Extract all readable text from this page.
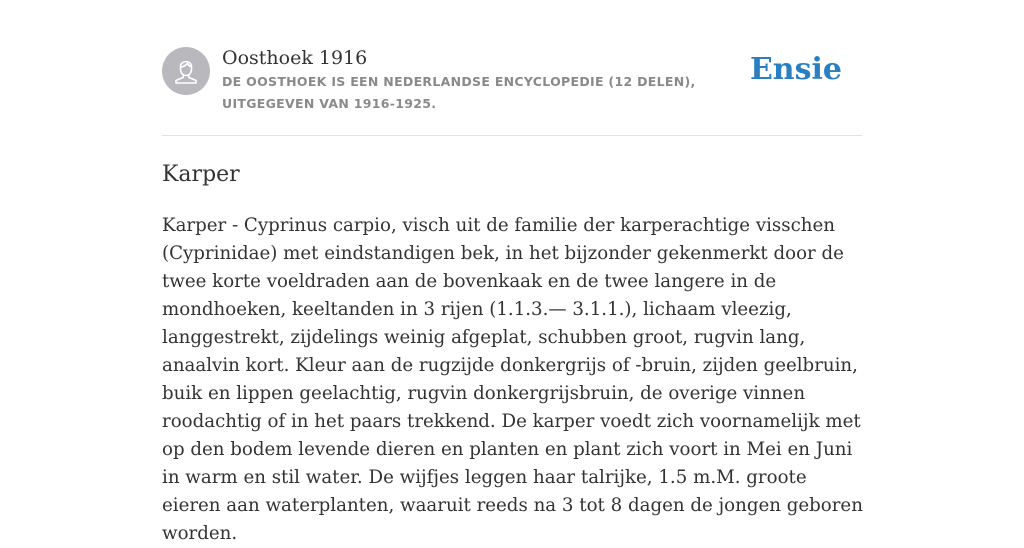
Oosthoek 1916
DE OOSTHOEK IS EEN NEDERLANDSE ENCYCLOPEDIE (12 DELEN), UITGEGEVEN VAN 1916-1925.
Ensie
Karper

Karper - Cyprinus carpio, visch uit de familie der karperachtige visschen (Cyprinidae) met eindstandigen bek, in het bijzonder gekenmerkt door de twee korte voeldraden aan de bovenkaak en de twee langere in de mondhoeken, keeltanden in 3 rijen (1.1.3.— 3.1.1.), lichaam vleezig, langgestrekt, zijdelings weinig afgeplat, schubben groot, rugvin lang, anaalvin kort. Kleur aan de rugzijde donkergrijs of -bruin, zijden geelbruin, buik en lippen geelachtig, rugvin donkergrijsbruin, de overige vinnen roodachtig of in het paars trekkend. De karper voedt zich voornamelijk met op den bodem levende dieren en planten en plant zich voort in Mei en Juni in warm en stil water. De wijfjes leggen haar talrijke, 1.5 m.M. groote eieren aan waterplanten, waaruit reeds na 3 tot 8 dagen de jongen geboren worden.
